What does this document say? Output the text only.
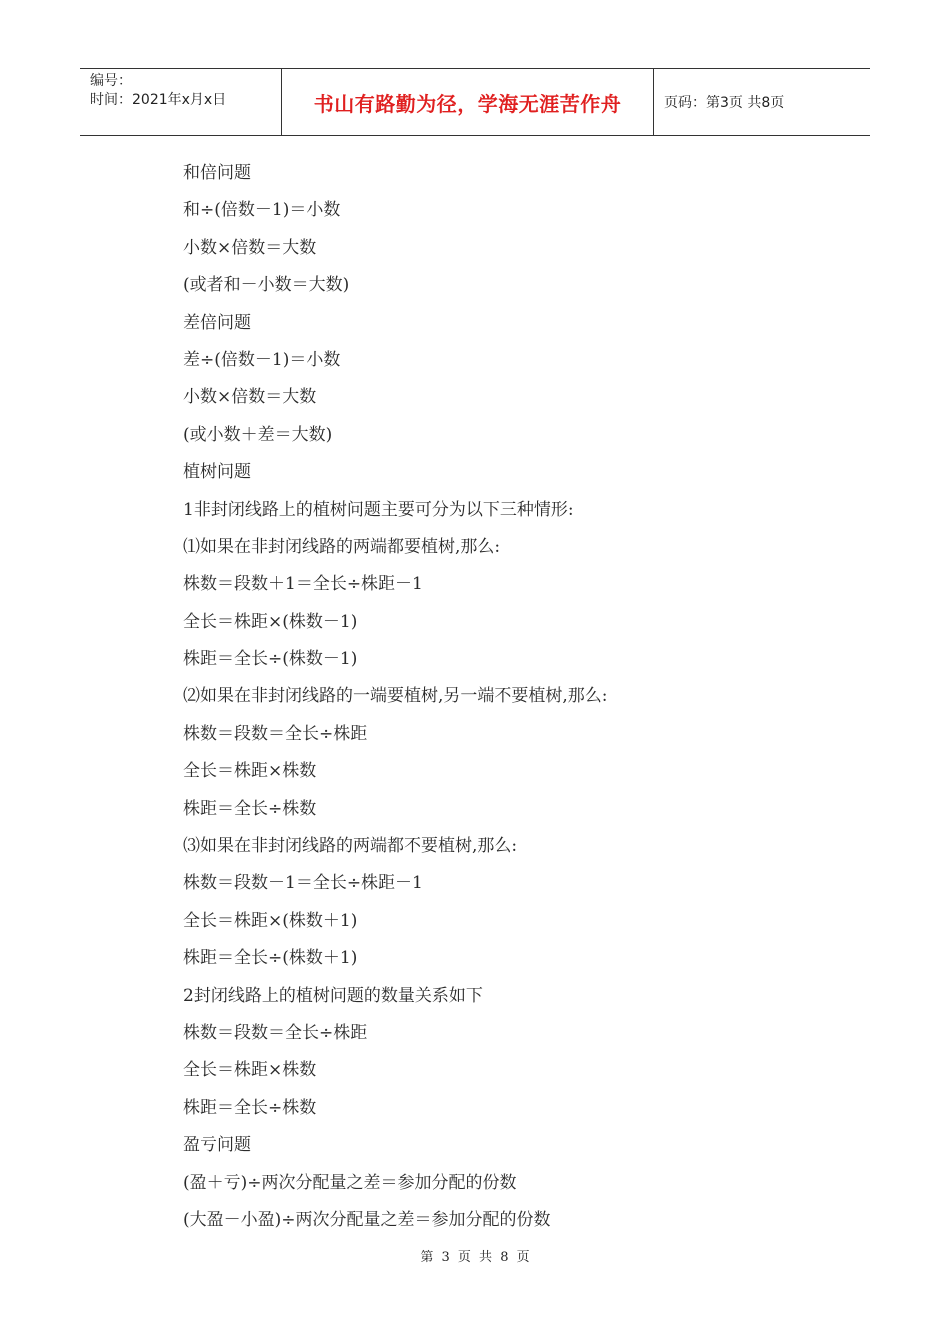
编号：
时间：2021年x月x日	书山有路勤为径，学海无涯苦作舟	页码：第3页 共8页
和倍问题
和÷(倍数－1)＝小数
小数×倍数＝大数
(或者和－小数＝大数)
差倍问题
差÷(倍数－1)＝小数
小数×倍数＝大数
(或小数＋差＝大数)
植树问题
1非封闭线路上的植树问题主要可分为以下三种情形:
⑴如果在非封闭线路的两端都要植树,那么:
株数＝段数＋1＝全长÷株距－1
全长＝株距×(株数－1)
株距＝全长÷(株数－1)
⑵如果在非封闭线路的一端要植树,另一端不要植树,那么:
株数＝段数＝全长÷株距
全长＝株距×株数
株距＝全长÷株数
⑶如果在非封闭线路的两端都不要植树,那么:
株数＝段数－1＝全长÷株距－1
全长＝株距×(株数＋1)
株距＝全长÷(株数＋1)
2封闭线路上的植树问题的数量关系如下
株数＝段数＝全长÷株距
全长＝株距×株数
株距＝全长÷株数
盈亏问题
(盈＋亏)÷两次分配量之差＝参加分配的份数
(大盈－小盈)÷两次分配量之差＝参加分配的份数
第 3 页 共 8 页
